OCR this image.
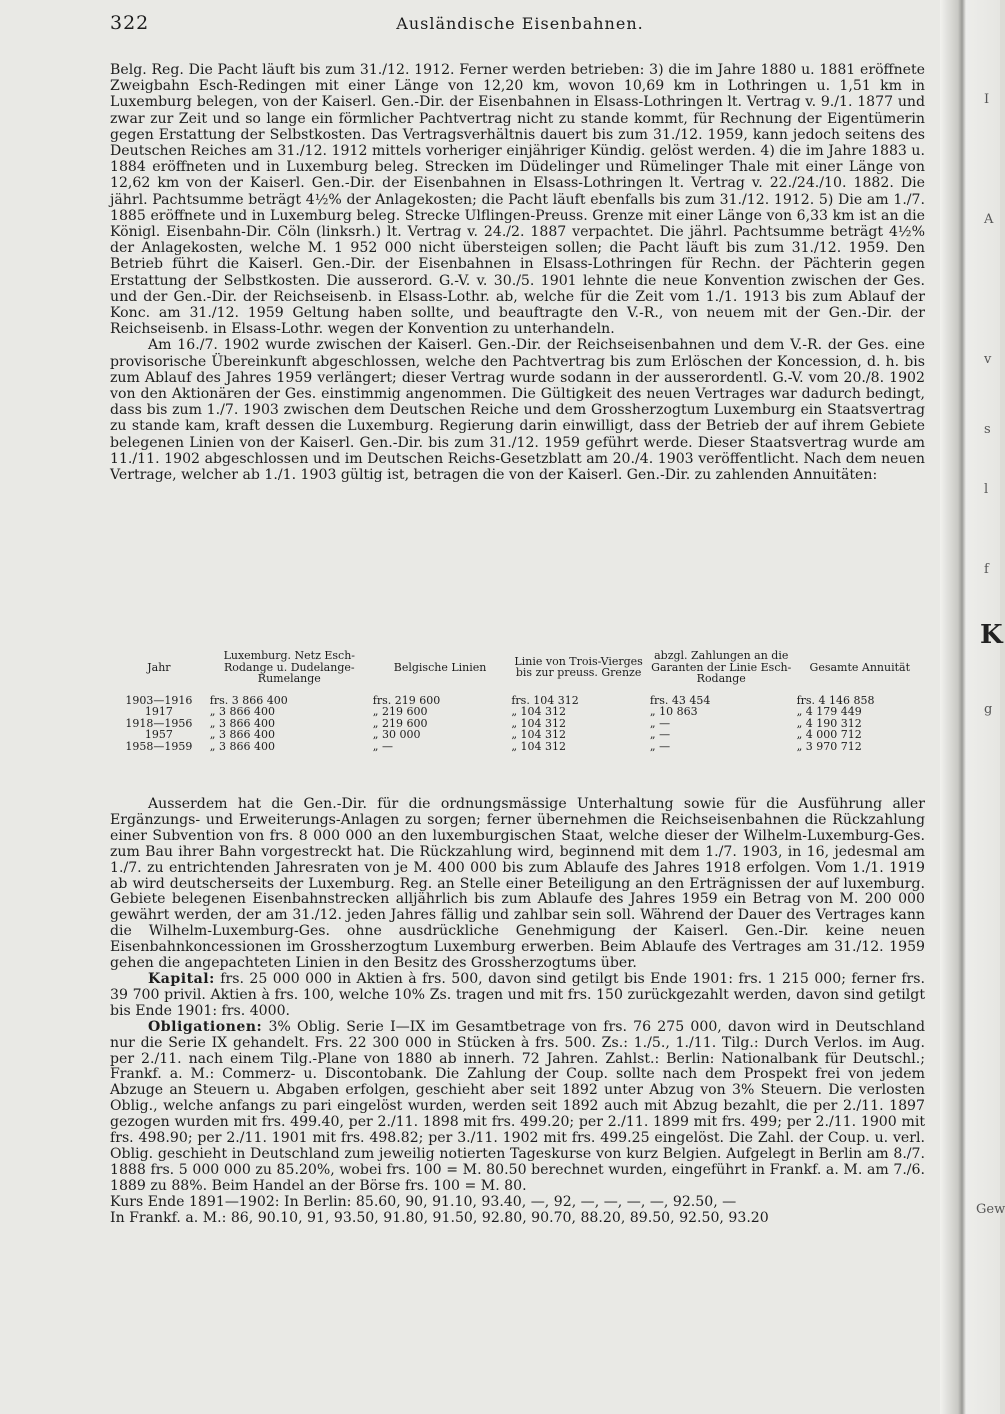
322	Ausländische Eisenbahnen.

Belg. Reg. Die Pacht läuft bis zum 31./12. 1912. Ferner werden betrieben: 3) die im Jahre 1880 u. 1881 eröffnete Zweigbahn Esch-Redingen mit einer Länge von 12,20 km, wovon 10,69 km in Lothringen u. 1,51 km in Luxemburg belegen, von der Kaiserl. Gen.-Dir. der Eisenbahnen in Elsass-Lothringen lt. Vertrag v. 9./1. 1877 und zwar zur Zeit und so lange ein förmlicher Pachtvertrag nicht zu stande kommt, für Rechnung der Eigentümerin gegen Erstattung der Selbstkosten. Das Vertragsverhältnis dauert bis zum 31./12. 1959, kann jedoch seitens des Deutschen Reiches am 31./12. 1912 mittels vorheriger einjähriger Kündig. gelöst werden. 4) die im Jahre 1883 u. 1884 eröffneten und in Luxemburg beleg. Strecken im Düdelinger und Rümelinger Thale mit einer Länge von 12,62 km von der Kaiserl. Gen.-Dir. der Eisenbahnen in Elsass-Lothringen lt. Vertrag v. 22./24./10. 1882. Die jährl. Pachtsumme beträgt 4½% der Anlagekosten; die Pacht läuft ebenfalls bis zum 31./12. 1912. 5) Die am 1./7. 1885 eröffnete und in Luxemburg beleg. Strecke Ulflingen-Preuss. Grenze mit einer Länge von 6,33 km ist an die Königl. Eisenbahn-Dir. Cöln (linksrh.) lt. Vertrag v. 24./2. 1887 verpachtet. Die jährl. Pachtsumme beträgt 4½% der Anlagekosten, welche M. 1 952 000 nicht übersteigen sollen; die Pacht läuft bis zum 31./12. 1959. Den Betrieb führt die Kaiserl. Gen.-Dir. der Eisenbahnen in Elsass-Lothringen für Rechn. der Pächterin gegen Erstattung der Selbstkosten. Die ausserord. G.-V. v. 30./5. 1901 lehnte die neue Konvention zwischen der Ges. und der Gen.-Dir. der Reichseisenb. in Elsass-Lothr. ab, welche für die Zeit vom 1./1. 1913 bis zum Ablauf der Konc. am 31./12. 1959 Geltung haben sollte, und beauftragte den V.-R., von neuem mit der Gen.-Dir. der Reichseisenb. in Elsass-Lothr. wegen der Konvention zu unterhandeln.

Am 16./7. 1902 wurde zwischen der Kaiserl. Gen.-Dir. der Reichseisenbahnen und dem V.-R. der Ges. eine provisorische Übereinkunft abgeschlossen, welche den Pachtvertrag bis zum Erlöschen der Koncession, d. h. bis zum Ablauf des Jahres 1959 verlängert; dieser Vertrag wurde sodann in der ausserordentl. G.-V. vom 20./8. 1902 von den Aktionären der Ges. einstimmig angenommen. Die Gültigkeit des neuen Vertrages war dadurch bedingt, dass bis zum 1./7. 1903 zwischen dem Deutschen Reiche und dem Grossherzogtum Luxemburg ein Staatsvertrag zu stande kam, kraft dessen die Luxemburg. Regierung darin einwilligt, dass der Betrieb der auf ihrem Gebiete belegenen Linien von der Kaiserl. Gen.-Dir. bis zum 31./12. 1959 geführt werde. Dieser Staatsvertrag wurde am 11./11. 1902 abgeschlossen und im Deutschen Reichs-Gesetzblatt am 20./4. 1903 veröffentlicht. Nach dem neuen Vertrage, welcher ab 1./1. 1903 gültig ist, betragen die von der Kaiserl. Gen.-Dir. zu zahlenden Annuitäten:

Jahr	Luxemburg. Netz Esch-Rodange u. Dudelange-Rumelange	Belgische Linien	Linie von Trois-Vierges bis zur preuss. Grenze	abzgl. Zahlungen an die Garanten der Linie Esch-Rodange	Gesamte Annuität
1903—1916	frs. 3 866 400	frs. 219 600	frs. 104 312	frs. 43 454	frs. 4 146 858
1917	„ 3 866 400	„ 219 600	„ 104 312	„ 10 863	„ 4 179 449
1918—1956	„ 3 866 400	„ 219 600	„ 104 312	„ —	„ 4 190 312
1957	„ 3 866 400	„ 30 000	„ 104 312	„ —	„ 4 000 712
1958—1959	„ 3 866 400	„ —	„ 104 312	„ —	„ 3 970 712

Ausserdem hat die Gen.-Dir. für die ordnungsmässige Unterhaltung sowie für die Ausführung aller Ergänzungs- und Erweiterungs-Anlagen zu sorgen; ferner übernehmen die Reichseisenbahnen die Rückzahlung einer Subvention von frs. 8 000 000 an den luxemburgischen Staat, welche dieser der Wilhelm-Luxemburg-Ges. zum Bau ihrer Bahn vorgestreckt hat. Die Rückzahlung wird, beginnend mit dem 1./7. 1903, in 16, jedesmal am 1./7. zu entrichtenden Jahresraten von je M. 400 000 bis zum Ablaufe des Jahres 1918 erfolgen. Vom 1./1. 1919 ab wird deutscherseits der Luxemburg. Reg. an Stelle einer Beteiligung an den Erträgnissen der auf luxemburg. Gebiete belegenen Eisenbahnstrecken alljährlich bis zum Ablaufe des Jahres 1959 ein Betrag von M. 200 000 gewährt werden, der am 31./12. jeden Jahres fällig und zahlbar sein soll. Während der Dauer des Vertrages kann die Wilhelm-Luxemburg-Ges. ohne ausdrückliche Genehmigung der Kaiserl. Gen.-Dir. keine neuen Eisenbahnkoncessionen im Grossherzogtum Luxemburg erwerben. Beim Ablaufe des Vertrages am 31./12. 1959 gehen die angepachteten Linien in den Besitz des Grossherzogtums über.

Kapital: frs. 25 000 000 in Aktien à frs. 500, davon sind getilgt bis Ende 1901: frs. 1 215 000; ferner frs. 39 700 privil. Aktien à frs. 100, welche 10% Zs. tragen und mit frs. 150 zurückgezahlt werden, davon sind getilgt bis Ende 1901: frs. 4000.

Obligationen: 3% Oblig. Serie I—IX im Gesamtbetrage von frs. 76 275 000, davon wird in Deutschland nur die Serie IX gehandelt. Frs. 22 300 000 in Stücken à frs. 500. Zs.: 1./5., 1./11. Tilg.: Durch Verlos. im Aug. per 2./11. nach einem Tilg.-Plane von 1880 ab innerh. 72 Jahren. Zahlst.: Berlin: Nationalbank für Deutschl.; Frankf. a. M.: Commerz- u. Discontobank. Die Zahlung der Coup. sollte nach dem Prospekt frei von jedem Abzuge an Steuern u. Abgaben erfolgen, geschieht aber seit 1892 unter Abzug von 3% Steuern. Die verlosten Oblig., welche anfangs zu pari eingelöst wurden, werden seit 1892 auch mit Abzug bezahlt, die per 2./11. 1897 gezogen wurden mit frs. 499.40, per 2./11. 1898 mit frs. 499.20; per 2./11. 1899 mit frs. 499; per 2./11. 1900 mit frs. 498.90; per 2./11. 1901 mit frs. 498.82; per 3./11. 1902 mit frs. 499.25 eingelöst. Die Zahl. der Coup. u. verl. Oblig. geschieht in Deutschland zum jeweilig notierten Tageskurse von kurz Belgien. Aufgelegt in Berlin am 8./7. 1888 frs. 5 000 000 zu 85.20%, wobei frs. 100 = M. 80.50 berechnet wurden, eingeführt in Frankf. a. M. am 7./6. 1889 zu 88%. Beim Handel an der Börse frs. 100 = M. 80.

Kurs Ende 1891—1902: In Berlin: 85.60, 90, 91.10, 93.40, —, 92, —, —, —, —, 92.50, —

In Frankf. a. M.: 86, 90.10, 91, 93.50, 91.80, 91.50, 92.80, 90.70, 88.20, 89.50, 92.50, 93.20

I
A
v
s
l
f
g
K
Gew
